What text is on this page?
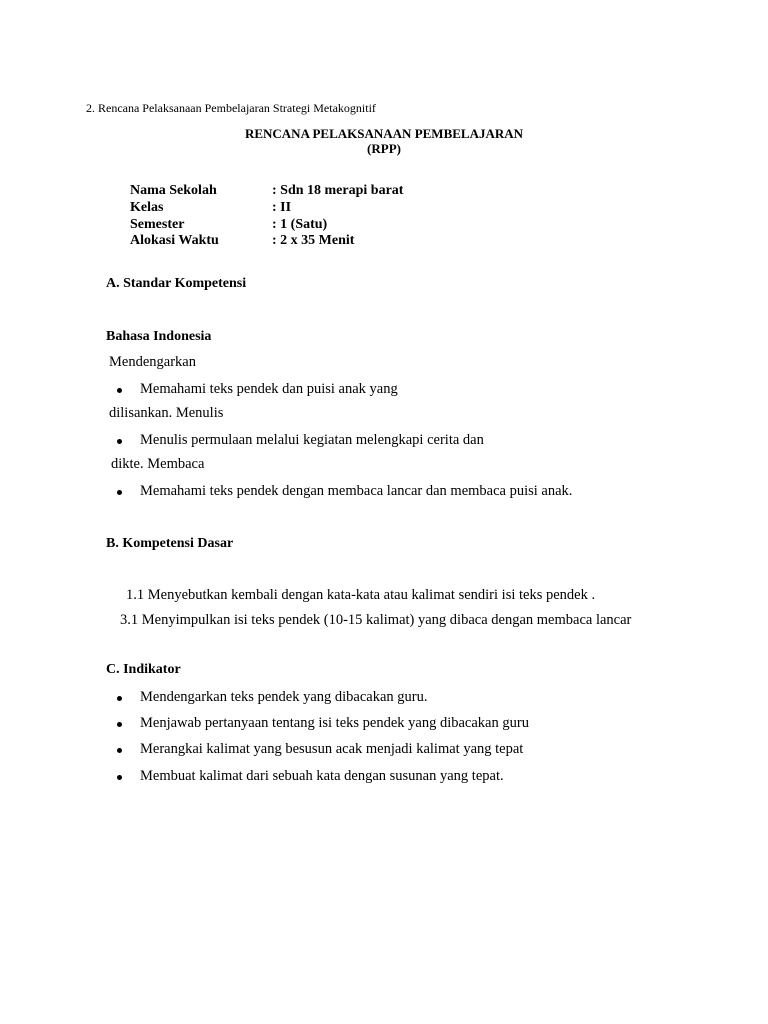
2. Rencana Pelaksanaan Pembelajaran Strategi Metakognitif
RENCANA PELAKSANAAN PEMBELAJARAN
(RPP)
Nama Sekolah	: Sdn 18 merapi barat
Kelas	: II
Semester	: 1 (Satu)
Alokasi Waktu	: 2 x 35 Menit
A. Standar Kompetensi
Bahasa Indonesia
Mendengarkan
Memahami teks pendek dan puisi anak yang
dilisankan. Menulis
Menulis permulaan melalui kegiatan melengkapi cerita dan
dikte. Membaca
Memahami teks pendek dengan membaca lancar dan membaca puisi anak.
B. Kompetensi Dasar
1.1 Menyebutkan kembali dengan kata-kata atau kalimat sendiri isi teks pendek .
3.1 Menyimpulkan isi teks pendek (10-15 kalimat) yang dibaca dengan membaca lancar
C. Indikator
Mendengarkan teks pendek yang dibacakan guru.
Menjawab pertanyaan tentang isi teks pendek yang dibacakan guru
Merangkai kalimat yang besusun acak menjadi kalimat yang tepat
Membuat kalimat dari sebuah kata dengan susunan yang tepat.
